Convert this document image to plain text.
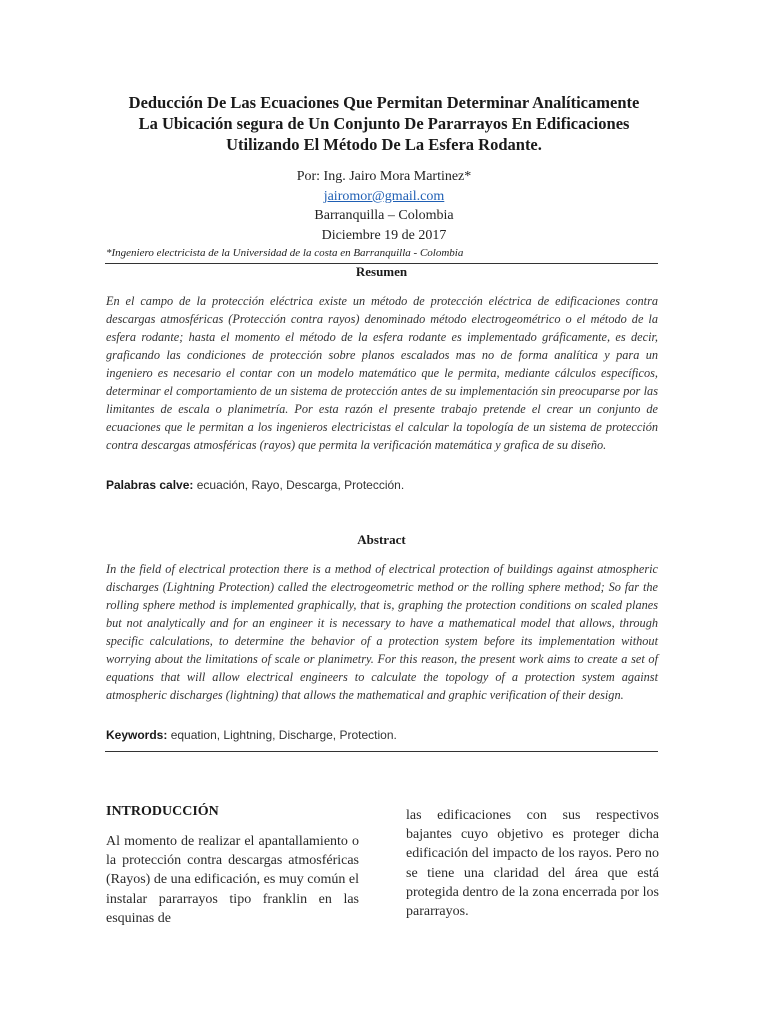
Deducción De Las Ecuaciones Que Permitan Determinar Analíticamente
La Ubicación segura de Un Conjunto De Pararrayos En Edificaciones
Utilizando El Método De La Esfera Rodante.
Por: Ing. Jairo Mora Martinez*
jairomor@gmail.com
Barranquilla – Colombia
Diciembre 19 de 2017
*Ingeniero electricista de la Universidad de la costa en Barranquilla - Colombia
Resumen
En el campo de la protección eléctrica existe un método de protección eléctrica de edificaciones contra descargas atmosféricas (Protección contra rayos) denominado método electrogeométrico o el método de la esfera rodante; hasta el momento el método de la esfera rodante es implementado gráficamente, es decir, graficando las condiciones de protección sobre planos escalados mas no de forma analítica y para un ingeniero es necesario el contar con un modelo matemático que le permita, mediante cálculos específicos, determinar el comportamiento de un sistema de protección antes de su implementación sin preocuparse por las limitantes de escala o planimetría. Por esta razón el presente trabajo pretende el crear un conjunto de ecuaciones que le permitan a los ingenieros electricistas el calcular la topología de un sistema de protección contra descargas atmosféricas (rayos) que permita la verificación matemática y grafica de su diseño.
Palabras calve: ecuación, Rayo, Descarga, Protección.
Abstract
In the field of electrical protection there is a method of electrical protection of buildings against atmospheric discharges (Lightning Protection) called the electrogeometric method or the rolling sphere method; So far the rolling sphere method is implemented graphically, that is, graphing the protection conditions on scaled planes but not analytically and for an engineer it is necessary to have a mathematical model that allows, through specific calculations, to determine the behavior of a protection system before its implementation without worrying about the limitations of scale or planimetry. For this reason, the present work aims to create a set of equations that will allow electrical engineers to calculate the topology of a protection system against atmospheric discharges (lightning) that allows the mathematical and graphic verification of their design.
Keywords: equation, Lightning, Discharge, Protection.
INTRODUCCIÓN

Al momento de realizar el apantallamiento o la protección contra descargas atmosféricas (Rayos) de una edificación, es muy común el instalar pararrayos tipo franklin en las esquinas de

las edificaciones con sus respectivos bajantes cuyo objetivo es proteger dicha edificación del impacto de los rayos. Pero no se tiene una claridad del área que está protegida dentro de la zona encerrada por los pararrayos.
